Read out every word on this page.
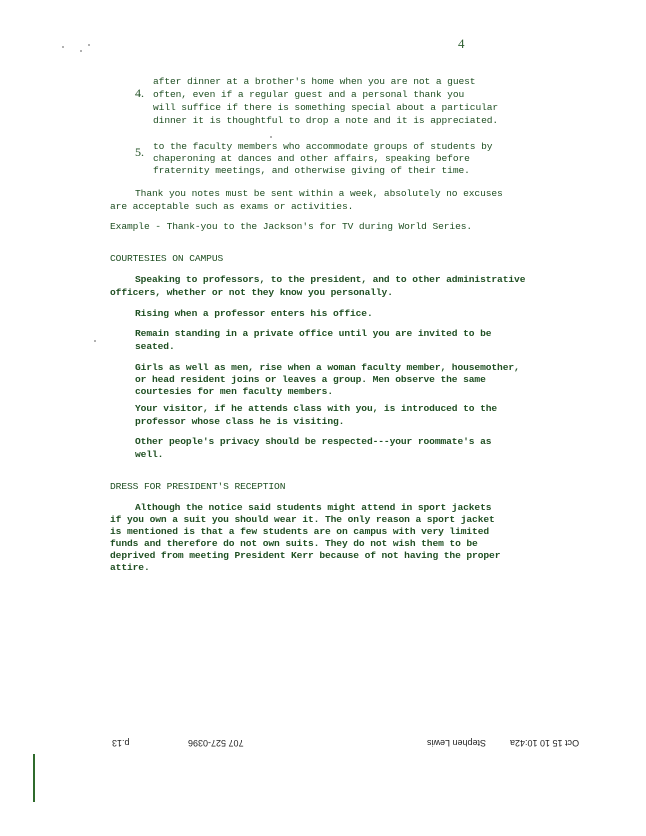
4
4.
after dinner at a brother's home when you are not a guest
often, even if a regular guest and a personal thank you
will suffice if there is something special about a particular
dinner it is thoughtful to drop a note and it is appreciated.
5. to the faculty members who accommodate groups of students by
chaperoning at dances and other affairs, speaking before
fraternity meetings, and otherwise giving of their time.
Thank you notes must be sent within a week, absolutely no excuses
are acceptable such as exams or activities.
Example - Thank-you to the Jackson's for TV during World Series.
COURTESIES ON CAMPUS
Speaking to professors, to the president, and to other administrative
officers, whether or not they know you personally.
Rising when a professor enters his office.
Remain standing in a private office until you are invited to be
seated.
Girls as well as men, rise when a woman faculty member, housemother,
or head resident joins or leaves a group. Men observe the same
courtesies for men faculty members.
Your visitor, if he attends class with you, is introduced to the
professor whose class he is visiting.
Other people's privacy should be respected---your roommate's as
well.
DRESS FOR PRESIDENT'S RECEPTION
Although the notice said students might attend in sport jackets
if you own a suit you should wear it. The only reason a sport jacket
is mentioned is that a few students are on campus with very limited
funds and therefore do not own suits. They do not wish them to be
deprived from meeting President Kerr because of not having the proper
attire.
p.13	707 527-0396	Stephen Lewis	Oct 15 10 10:42a
